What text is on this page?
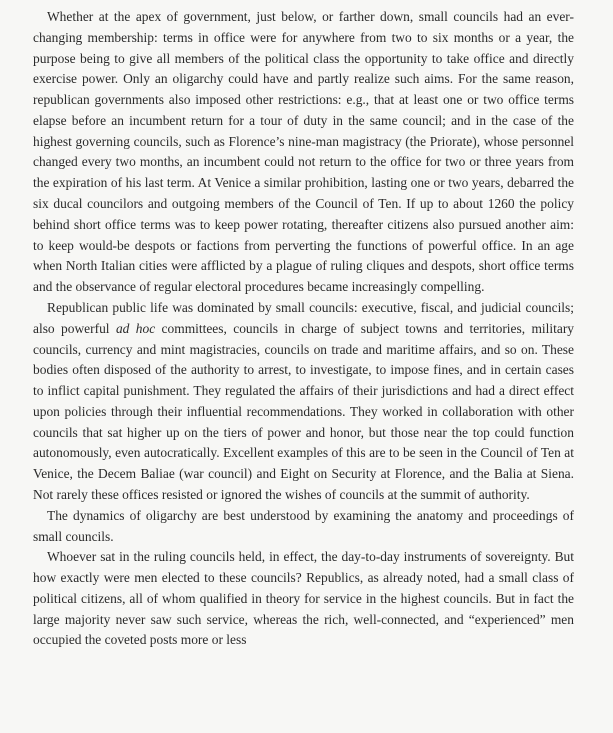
Whether at the apex of government, just below, or farther down, small councils had an ever-changing membership: terms in office were for anywhere from two to six months or a year, the purpose being to give all members of the political class the opportunity to take office and directly exercise power. Only an oligarchy could have and partly realize such aims. For the same reason, republican governments also imposed other restrictions: e.g., that at least one or two office terms elapse before an incumbent return for a tour of duty in the same council; and in the case of the highest governing councils, such as Florence’s nine-man magistracy (the Priorate), whose personnel changed every two months, an incumbent could not return to the office for two or three years from the expiration of his last term. At Venice a similar prohibition, lasting one or two years, debarred the six ducal councilors and outgoing members of the Council of Ten. If up to about 1260 the policy behind short office terms was to keep power rotating, thereafter citizens also pursued another aim: to keep would-be despots or factions from perverting the functions of powerful office. In an age when North Italian cities were afflicted by a plague of ruling cliques and despots, short office terms and the observance of regular electoral procedures became increasingly compelling.

Republican public life was dominated by small councils: executive, fiscal, and judicial councils; also powerful ad hoc committees, councils in charge of subject towns and territories, military councils, currency and mint magistracies, councils on trade and maritime affairs, and so on. These bodies often disposed of the authority to arrest, to investigate, to impose fines, and in certain cases to inflict capital punishment. They regulated the affairs of their jurisdictions and had a direct effect upon policies through their influential recommendations. They worked in collaboration with other councils that sat higher up on the tiers of power and honor, but those near the top could function autonomously, even autocratically. Excellent examples of this are to be seen in the Council of Ten at Venice, the Decem Baliae (war council) and Eight on Security at Florence, and the Balia at Siena. Not rarely these offices resisted or ignored the wishes of councils at the summit of authority.

The dynamics of oligarchy are best understood by examining the anatomy and proceedings of small councils.

Whoever sat in the ruling councils held, in effect, the day-to-day instruments of sovereignty. But how exactly were men elected to these councils? Republics, as already noted, had a small class of political citizens, all of whom qualified in theory for service in the highest councils. But in fact the large majority never saw such service, whereas the rich, well-connected, and “experienced” men occupied the coveted posts more or less
